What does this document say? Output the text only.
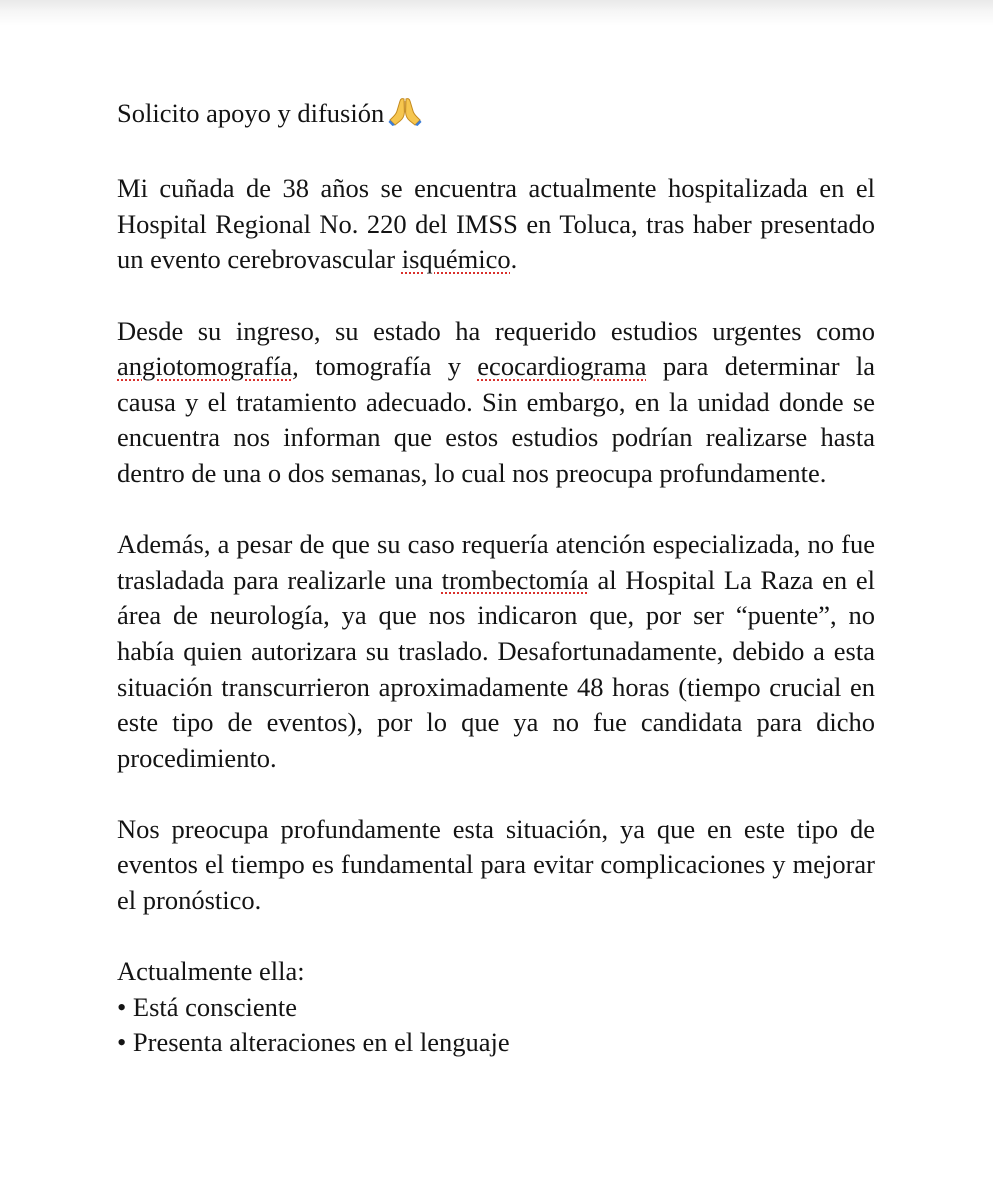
Solicito apoyo y difusión

Mi cuñada de 38 años se encuentra actualmente hospitalizada en el Hospital Regional No. 220 del IMSS en Toluca, tras haber presentado un evento cerebrovascular isquémico.

Desde su ingreso, su estado ha requerido estudios urgentes como angiotomografía, tomografía y ecocardiograma para determinar la causa y el tratamiento adecuado. Sin embargo, en la unidad donde se encuentra nos informan que estos estudios podrían realizarse hasta dentro de una o dos semanas, lo cual nos preocupa profundamente.

Además, a pesar de que su caso requería atención especializada, no fue trasladada para realizarle una trombectomía al Hospital La Raza en el área de neurología, ya que nos indicaron que, por ser “puente”, no había quien autorizara su traslado. Desafortunadamente, debido a esta situación transcurrieron aproximadamente 48 horas (tiempo crucial en este tipo de eventos), por lo que ya no fue candidata para dicho procedimiento.

Nos preocupa profundamente esta situación, ya que en este tipo de eventos el tiempo es fundamental para evitar complicaciones y mejorar el pronóstico.

Actualmente ella:

• Está consciente
• Presenta alteraciones en el lenguaje
